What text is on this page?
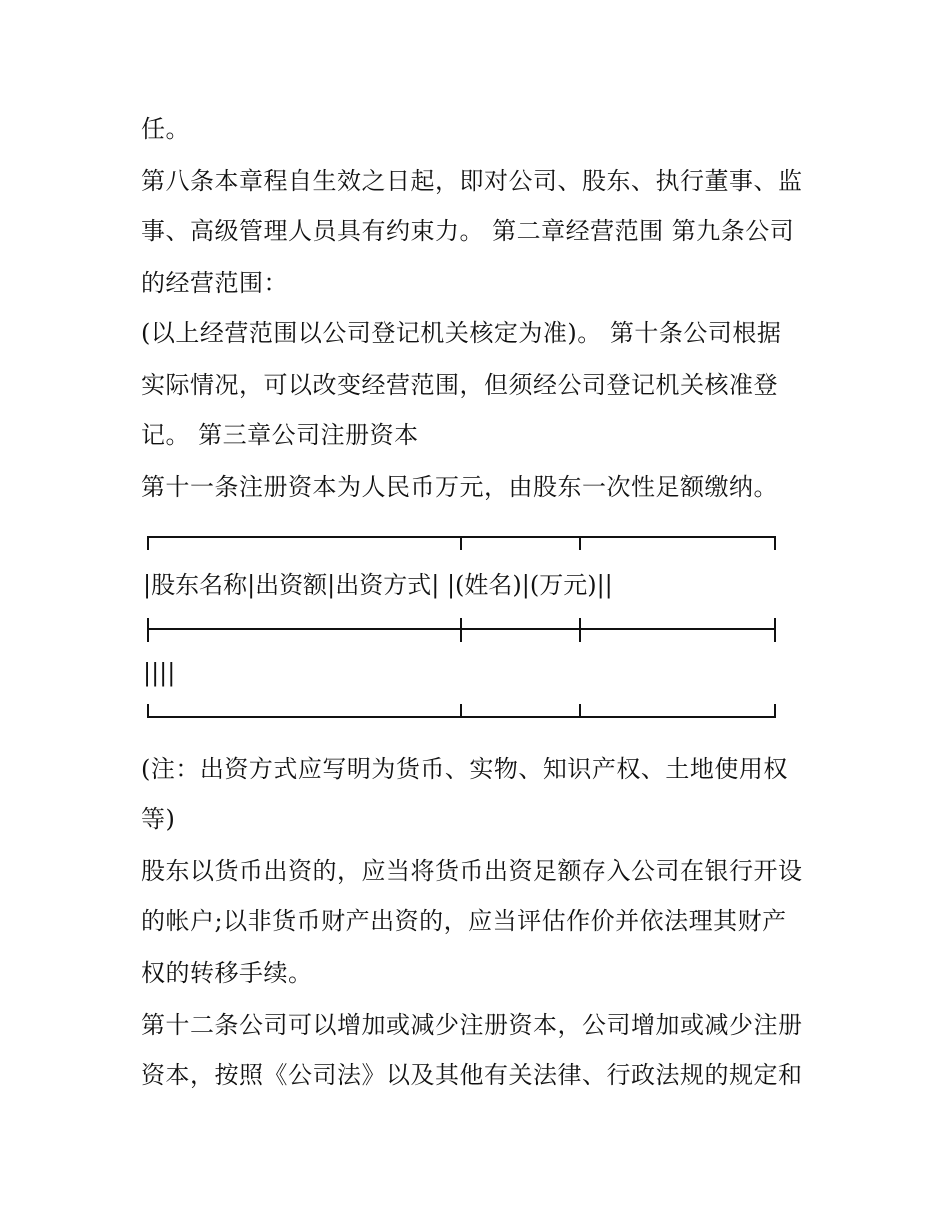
任。
第八条本章程自生效之日起，即对公司、股东、执行董事、监
事、高级管理人员具有约束力。 第二章经营范围 第九条公司
的经营范围：
(以上经营范围以公司登记机关核定为准)。 第十条公司根据
实际情况，可以改变经营范围，但须经公司登记机关核准登
记。 第三章公司注册资本
第十一条注册资本为人民币万元，由股东一次性足额缴纳。
|股东名称|出资额|出资方式| |(姓名)|(万元)||
||||
(注：出资方式应写明为货币、实物、知识产权、土地使用权
等)
股东以货币出资的，应当将货币出资足额存入公司在银行开设
的帐户;以非货币财产出资的，应当评估作价并依法理其财产
权的转移手续。
第十二条公司可以增加或减少注册资本，公司增加或减少注册
资本，按照《公司法》以及其他有关法律、行政法规的规定和
